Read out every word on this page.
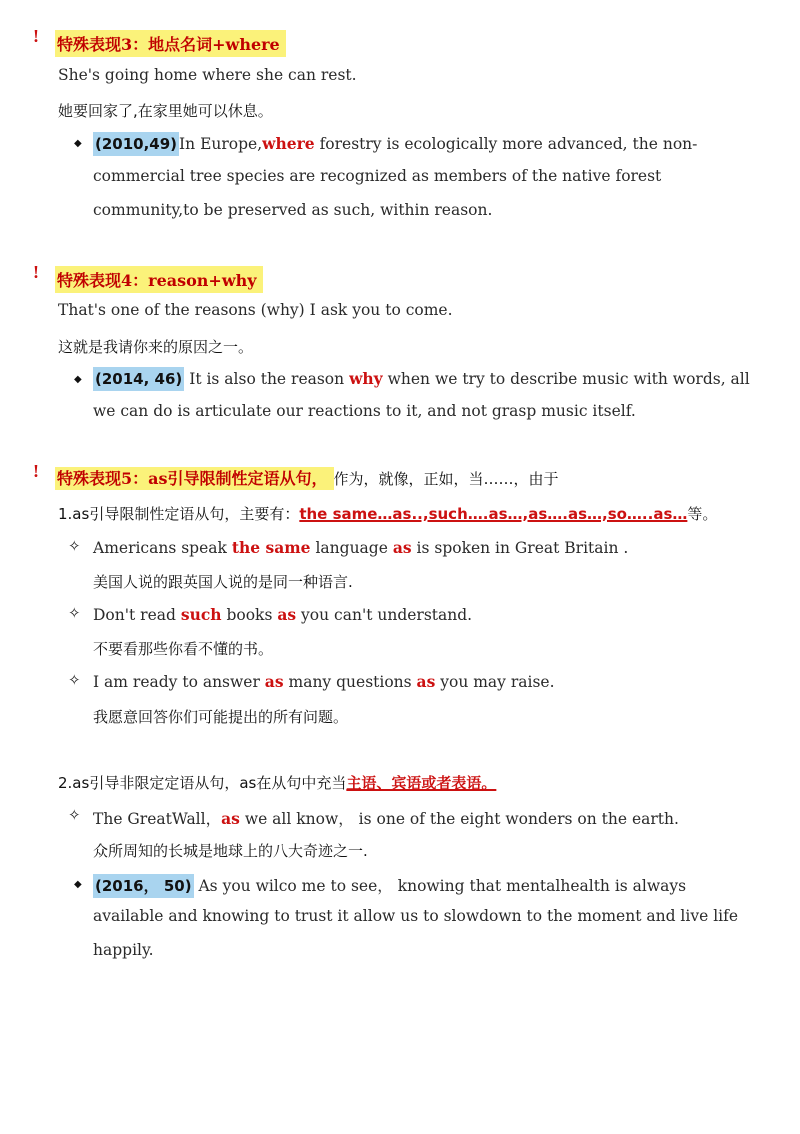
! 特殊表现3：地点名词+where
She's going home where she can rest.
她要回家了,在家里她可以休息。
◆ (2010,49) In Europe,where forestry is ecologically more advanced, the non-
commercial tree species are recognized as members of the native forest
community,to be preserved as such, within reason.
! 特殊表现4：reason+why
That's one of the reasons (why) I ask you to come.
这就是我请你来的原因之一。
◆ (2014, 46) It is also the reason why when we try to describe music with words, all
we can do is articulate our reactions to it, and not grasp music itself.
! 特殊表现5：as引导限制性定语从句， 作为，就像，正如，当……，由于
1.as引导限制性定语从句，主要有：the same…as..,such….as…,as….as…,so…..as…等。
✧ Americans speak the same language as is spoken in Great Britain .
美国人说的跟英国人说的是同一种语言.
✧ Don't read such books as you can't understand.
不要看那些你看不懂的书。
✧ I am ready to answer as many questions as you may raise.
我愿意回答你们可能提出的所有问题。
2.as引导非限定定语从句，as在从句中充当主语、宾语或者表语。
✧ The GreatWall，as we all know， is one of the eight wonders on the earth.
众所周知的长城是地球上的八大奇迹之一.
◆ (2016， 50) As you wilco me to see， knowing that mentalhealth is always
available and knowing to trust it allow us to slowdown to the moment and live life
happily.
